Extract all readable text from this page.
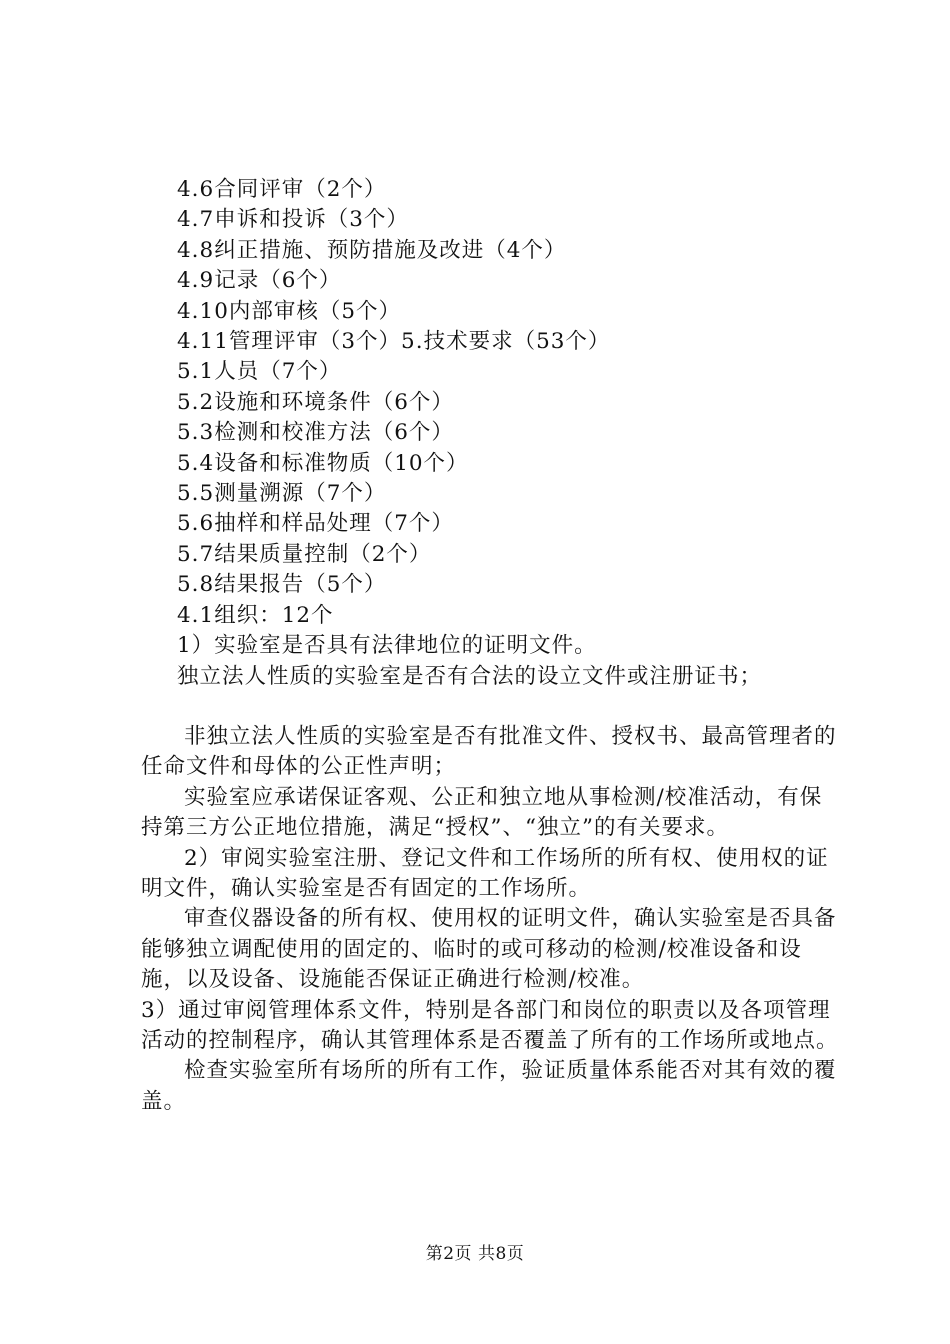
4.6合同评审（2个）
4.7申诉和投诉（3个）
4.8纠正措施、预防措施及改进（4个）
4.9记录（6个）
4.10内部审核（5个）
4.11管理评审（3个）5.技术要求（53个）
5.1人员（7个）
5.2设施和环境条件（6个）
5.3检测和校准方法（6个）
5.4设备和标准物质（10个）
5.5测量溯源（7个）
5.6抽样和样品处理（7个）
5.7结果质量控制（2个）
5.8结果报告（5个）
4.1组织：12个
1）实验室是否具有法律地位的证明文件。
独立法人性质的实验室是否有合法的设立文件或注册证书；

非独立法人性质的实验室是否有批准文件、授权书、最高管理者的任命文件和母体的公正性声明；

实验室应承诺保证客观、公正和独立地从事检测/校准活动，有保持第三方公正地位措施，满足“授权”、“独立”的有关要求。

2）审阅实验室注册、登记文件和工作场所的所有权、使用权的证明文件，确认实验室是否有固定的工作场所。

审查仪器设备的所有权、使用权的证明文件，确认实验室是否具备能够独立调配使用的固定的、临时的或可移动的检测/校准设备和设施，以及设备、设施能否保证正确进行检测/校准。

3）通过审阅管理体系文件，特别是各部门和岗位的职责以及各项管理活动的控制程序，确认其管理体系是否覆盖了所有的工作场所或地点。

检查实验室所有场所的所有工作，验证质量体系能否对其有效的覆盖。

第2页 共8页
